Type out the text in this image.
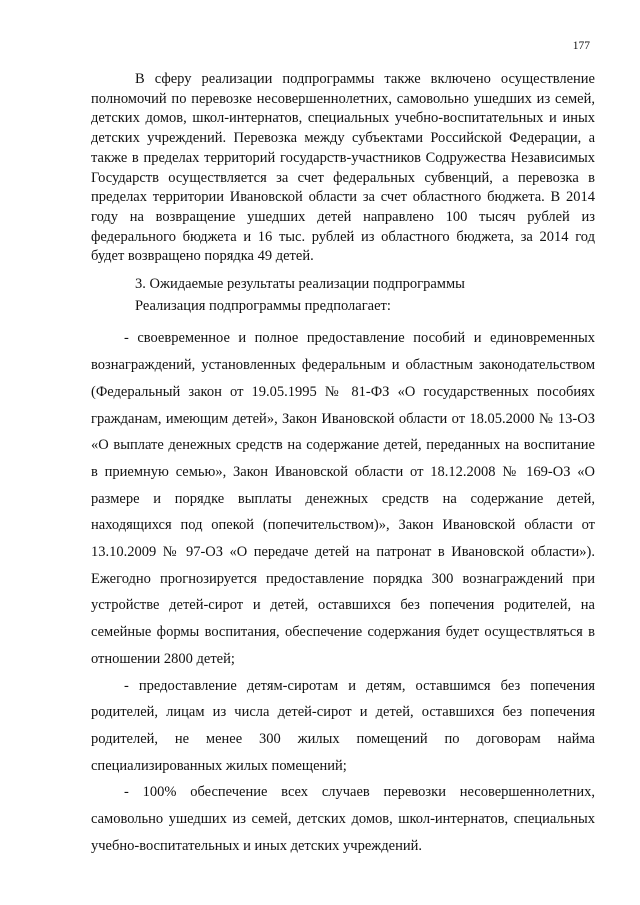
177

В сферу реализации подпрограммы также включено осуществление полномочий по перевозке несовершеннолетних, самовольно ушедших из семей, детских домов, школ-интернатов, специальных учебно-воспитательных и иных детских учреждений. Перевозка между субъектами Российской Федерации, а также в пределах территорий государств-участников Содружества Независимых Государств осуществляется за счет федеральных субвенций, а перевозка в пределах территории Ивановской области за счет областного бюджета. В 2014 году на возвращение ушедших детей направлено 100 тысяч рублей из федерального бюджета и 16 тыс. рублей из областного бюджета, за 2014 год будет возвращено порядка 49 детей.

3. Ожидаемые результаты реализации подпрограммы

Реализация подпрограммы предполагает:

- своевременное и полное предоставление пособий и единовременных вознаграждений, установленных федеральным и областным законодательством (Федеральный закон от 19.05.1995 № 81-ФЗ «О государственных пособиях гражданам, имеющим детей», Закон Ивановской области от 18.05.2000 № 13-ОЗ «О выплате денежных средств на содержание детей, переданных на воспитание в приемную семью», Закон Ивановской области от 18.12.2008 № 169-ОЗ «О размере и порядке выплаты денежных средств на содержание детей, находящихся под опекой (попечительством)», Закон Ивановской области от 13.10.2009 № 97-ОЗ «О передаче детей на патронат в Ивановской области»). Ежегодно прогнозируется предоставление порядка 300 вознаграждений при устройстве детей-сирот и детей, оставшихся без попечения родителей, на семейные формы воспитания, обеспечение содержания будет осуществляться в отношении 2800 детей;

- предоставление детям-сиротам и детям, оставшимся без попечения родителей, лицам из числа детей-сирот и детей, оставшихся без попечения родителей, не менее 300 жилых помещений по договорам найма специализированных жилых помещений;

- 100% обеспечение всех случаев перевозки несовершеннолетних, самовольно ушедших из семей, детских домов, школ-интернатов, специальных учебно-воспитательных и иных детских учреждений.
